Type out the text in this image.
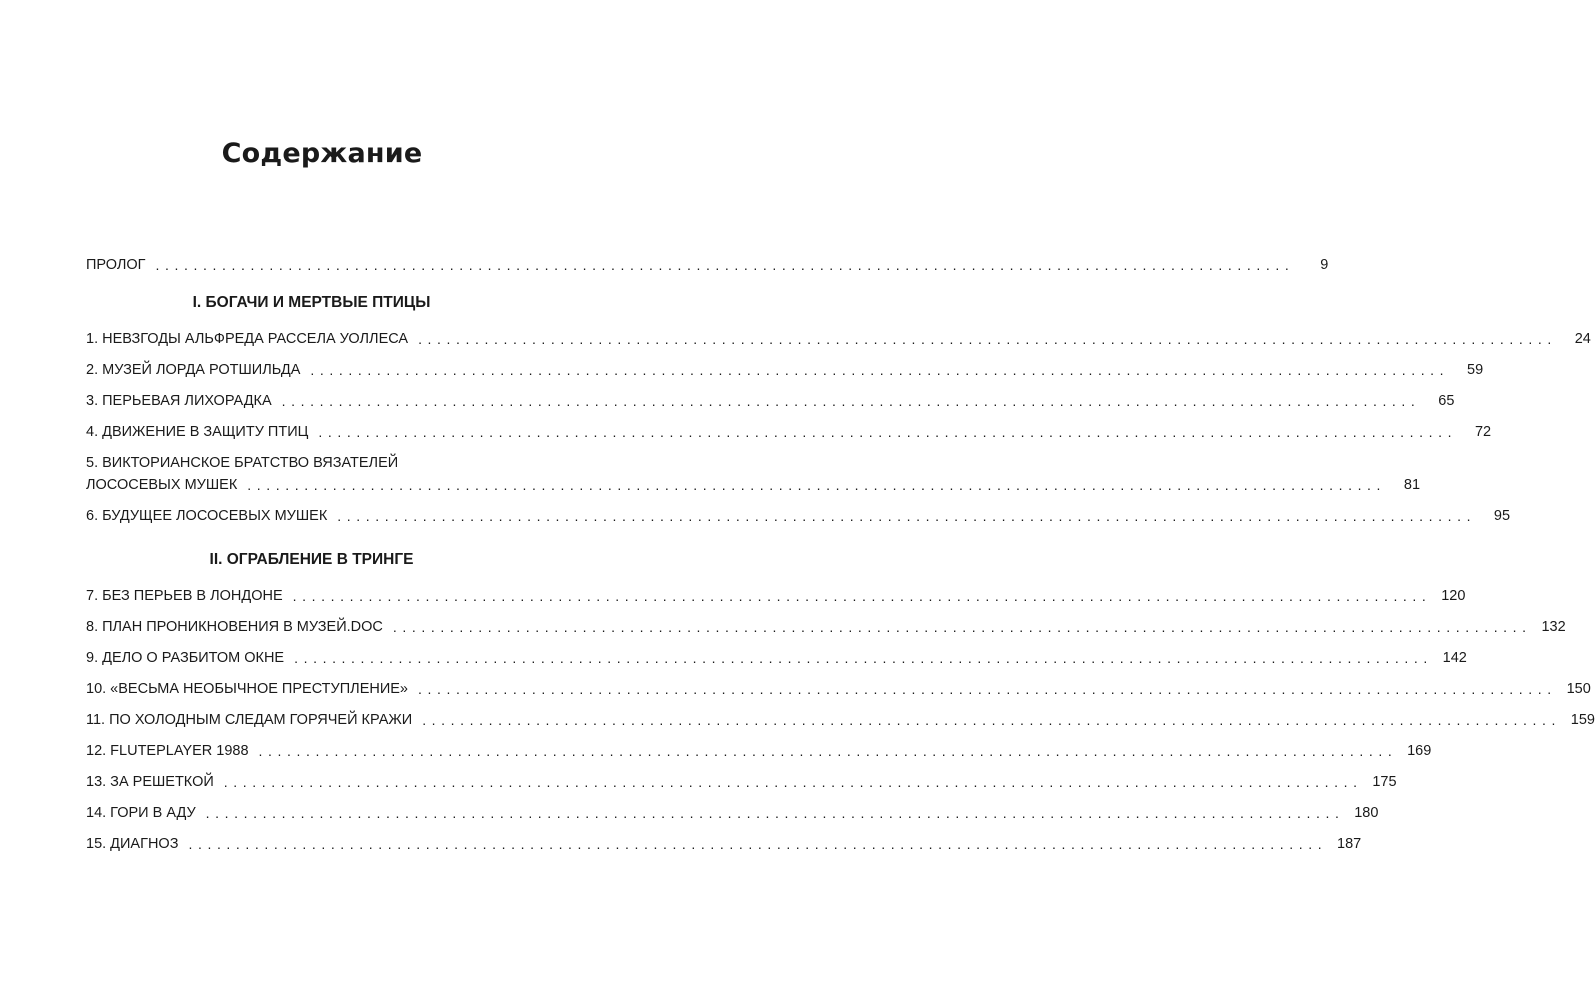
Содержание
ПРОЛОГ ........................................................................................................................	9
I. БОГАЧИ И МЕРТВЫЕ ПТИЦЫ
1. НЕВЗГОДЫ АЛЬФРЕДА РАССЕЛА УОЛЛЕСА ........................................................................................................................	24
2. МУЗЕЙ ЛОРДА РОТШИЛЬДА ........................................................................................................................	59
3. ПЕРЬЕВАЯ ЛИХОРАДКА ........................................................................................................................	65
4. ДВИЖЕНИЕ В ЗАЩИТУ ПТИЦ ........................................................................................................................	72
5. ВИКТОРИАНСКОЕ БРАТСТВО ВЯЗАТЕЛЕЙ
ЛОСОСЕВЫХ МУШЕК ........................................................................................................................	81
6. БУДУЩЕЕ ЛОСОСЕВЫХ МУШЕК ........................................................................................................................	95
II. ОГРАБЛЕНИЕ В ТРИНГЕ
7. БЕЗ ПЕРЬЕВ В ЛОНДОНЕ ........................................................................................................................ 120
8. ПЛАН ПРОНИКНОВЕНИЯ В МУЗЕЙ.DOC ........................................................................................................................ 132
9. ДЕЛО О РАЗБИТОМ ОКНЕ ........................................................................................................................ 142
10. «ВЕСЬМА НЕОБЫЧНОЕ ПРЕСТУПЛЕНИЕ» ........................................................................................................................ 150
11. ПО ХОЛОДНЫМ СЛЕДАМ ГОРЯЧЕЙ КРАЖИ ........................................................................................................................ 159
12. FLUTEPLAYER 1988 ........................................................................................................................ 169
13. ЗА РЕШЕТКОЙ ........................................................................................................................ 175
14. ГОРИ В АДУ ........................................................................................................................ 180
15. ДИАГНОЗ ........................................................................................................................ 187
